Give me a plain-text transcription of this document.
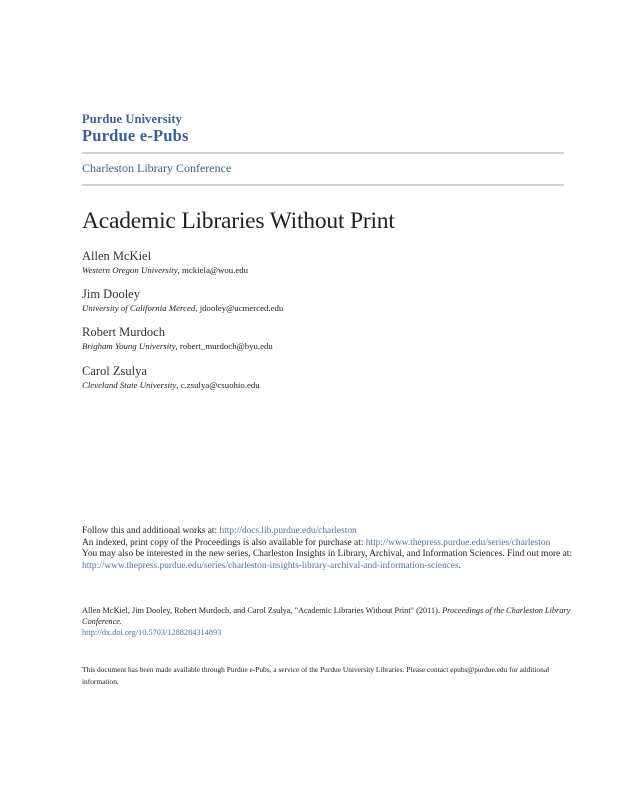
Purdue University
Purdue e-Pubs
Charleston Library Conference
Academic Libraries Without Print
Allen McKiel
Western Oregon University, mckiela@wou.edu
Jim Dooley
University of California Merced, jdooley@ucmerced.edu
Robert Murdoch
Brigham Young University, robert_murdoch@byu.edu
Carol Zsulya
Cleveland State University, c.zsulya@csuohio.edu

Follow this and additional works at: http://docs.lib.purdue.edu/charleston

An indexed, print copy of the Proceedings is also available for purchase at: http://www.thepress.purdue.edu/series/charleston

You may also be interested in the new series, Charleston Insights in Library, Archival, and Information Sciences. Find out more at: http://www.thepress.purdue.edu/series/charleston-insights-library-archival-and-information-sciences.

Allen McKiel, Jim Dooley, Robert Murdoch, and Carol Zsulya, "Academic Libraries Without Print" (2011). Proceedings of the Charleston Library Conference.

http://dx.doi.org/10.5703/1288284314893

This document has been made available through Purdue e-Pubs, a service of the Purdue University Libraries. Please contact epubs@purdue.edu for additional information.
